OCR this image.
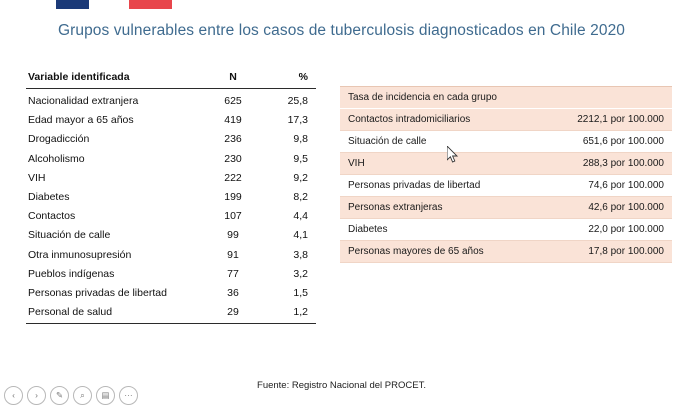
Grupos vulnerables entre los casos de tuberculosis diagnosticados en Chile 2020
Variable identificada	N	%
Nacionalidad extranjera	625	25,8
Edad mayor a 65 años	419	17,3
Drogadicción	236	9,8
Alcoholismo	230	9,5
VIH	222	9,2
Diabetes	199	8,2
Contactos	107	4,4
Situación de calle	99	4,1
Otra inmunosupresión	91	3,8
Pueblos indígenas	77	3,2
Personas privadas de libertad	36	1,5
Personal de salud	29	1,2
Tasa de incidencia en cada grupo	
Contactos intradomiciliarios	2212,1 por 100.000
Situación de calle	651,6 por 100.000
VIH	288,3 por 100.000
Personas privadas de libertad	74,6 por 100.000
Personas extranjeras	42,6 por 100.000
Diabetes	22,0 por 100.000
Personas mayores de 65 años	17,8 por 100.000
Fuente: Registro Nacional del PROCET.
‹ › ✎ ⌕ ▤ ···
